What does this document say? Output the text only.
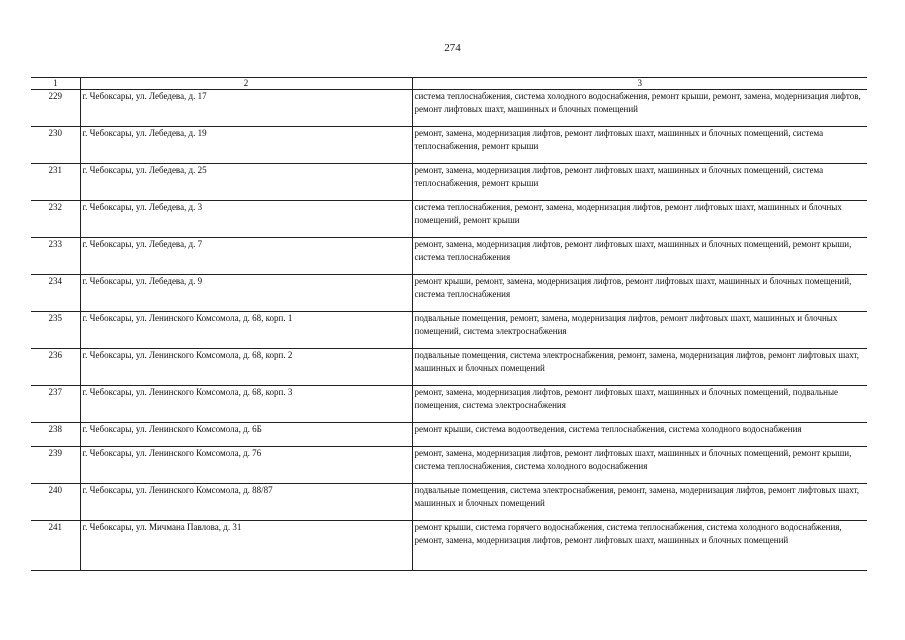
274
1	2	3
229	г. Чебоксары, ул. Лебедева, д. 17	система теплоснабжения, система холодного водоснабжения, ремонт крыши, ремонт, замена, модернизация лифтов, ремонт лифтовых шахт, машинных и блочных помещений
230	г. Чебоксары, ул. Лебедева, д. 19	ремонт, замена, модернизация лифтов, ремонт лифтовых шахт, машинных и блочных помещений, система теплоснабжения, ремонт крыши
231	г. Чебоксары, ул. Лебедева, д. 25	ремонт, замена, модернизация лифтов, ремонт лифтовых шахт, машинных и блочных помещений, система теплоснабжения, ремонт крыши
232	г. Чебоксары, ул. Лебедева, д. 3	система теплоснабжения, ремонт, замена, модернизация лифтов, ремонт лифтовых шахт, машинных и блочных помещений, ремонт крыши
233	г. Чебоксары, ул. Лебедева, д. 7	ремонт, замена, модернизация лифтов, ремонт лифтовых шахт, машинных и блочных помещений, ремонт крыши, система теплоснабжения
234	г. Чебоксары, ул. Лебедева, д. 9	ремонт крыши, ремонт, замена, модернизация лифтов, ремонт лифтовых шахт, машинных и блочных помещений, система теплоснабжения
235	г. Чебоксары, ул. Ленинского Комсомола, д. 68, корп. 1	подвальные помещения, ремонт, замена, модернизация лифтов, ремонт лифтовых шахт, машинных и блочных помещений, система электроснабжения
236	г. Чебоксары, ул. Ленинского Комсомола, д. 68, корп. 2	подвальные помещения, система электроснабжения, ремонт, замена, модернизация лифтов, ремонт лифтовых шахт, машинных и блочных помещений
237	г. Чебоксары, ул. Ленинского Комсомола, д. 68, корп. 3	ремонт, замена, модернизация лифтов, ремонт лифтовых шахт, машинных и блочных помещений, подвальные помещения, система электроснабжения
238	г. Чебоксары, ул. Ленинского Комсомола, д. 6Б	ремонт крыши, система водоотведения, система теплоснабжения, система холодного водоснабжения
239	г. Чебоксары, ул. Ленинского Комсомола, д. 76	ремонт, замена, модернизация лифтов, ремонт лифтовых шахт, машинных и блочных помещений, ремонт крыши, система теплоснабжения, система холодного водоснабжения
240	г. Чебоксары, ул. Ленинского Комсомола, д. 88/87	подвальные помещения, система электроснабжения, ремонт, замена, модернизация лифтов, ремонт лифтовых шахт, машинных и блочных помещений
241	г. Чебоксары, ул. Мичмана Павлова, д. 31	ремонт крыши, система горячего водоснабжения, система теплоснабжения, система холодного водоснабжения, ремонт, замена, модернизация лифтов, ремонт лифтовых шахт, машинных и блочных помещений
